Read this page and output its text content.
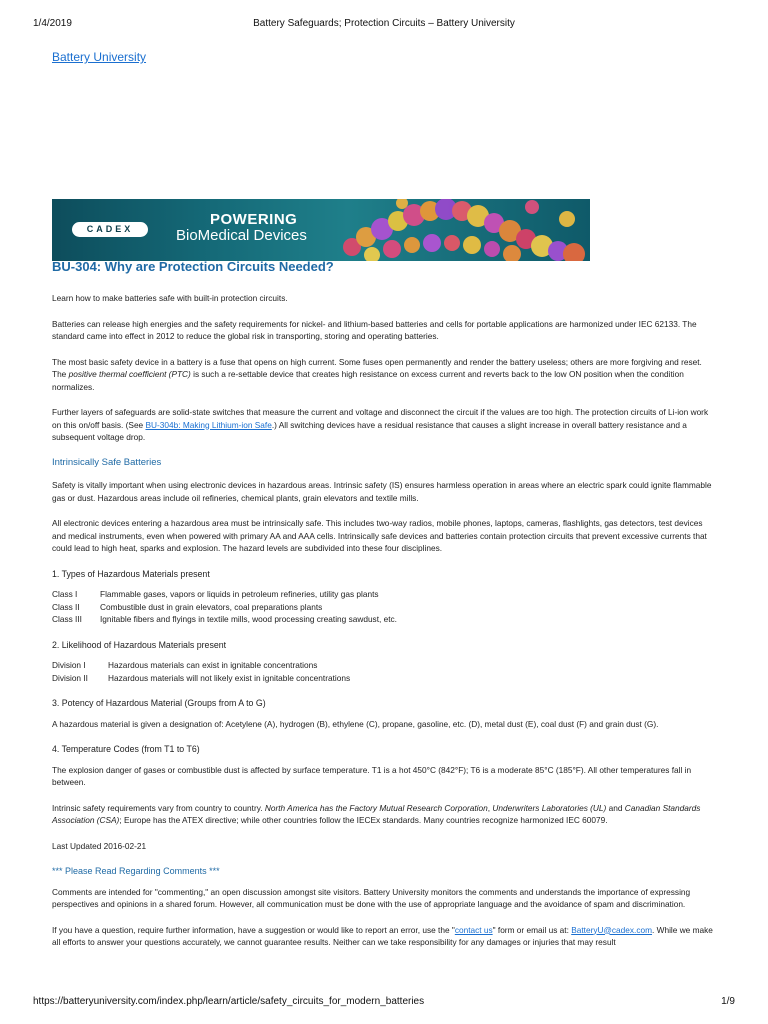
1/4/2019	Battery Safeguards; Protection Circuits – Battery University
Battery University
CADEX
POWERING
BioMedical Devices
BU-304: Why are Protection Circuits Needed?

Learn how to make batteries safe with built-in protection circuits.

Batteries can release high energies and the safety requirements for nickel- and lithium-based batteries and cells for portable applications are harmonized under IEC 62133. The standard came into effect in 2012 to reduce the global risk in transporting, storing and operating batteries.

The most basic safety device in a battery is a fuse that opens on high current. Some fuses open permanently and render the battery useless; others are more forgiving and reset. The positive thermal coefficient (PTC) is such a re-settable device that creates high resistance on excess current and reverts back to the low ON position when the condition normalizes.

Further layers of safeguards are solid-state switches that measure the current and voltage and disconnect the circuit if the values are too high. The protection circuits of Li-ion work on this on/off basis. (See BU-304b: Making Lithium-ion Safe.) All switching devices have a residual resistance that causes a slight increase in overall battery resistance and a subsequent voltage drop.

Intrinsically Safe Batteries

Safety is vitally important when using electronic devices in hazardous areas. Intrinsic safety (IS) ensures harmless operation in areas where an electric spark could ignite flammable gas or dust. Hazardous areas include oil refineries, chemical plants, grain elevators and textile mills.

All electronic devices entering a hazardous area must be intrinsically safe. This includes two-way radios, mobile phones, laptops, cameras, flashlights, gas detectors, test devices and medical instruments, even when powered with primary AA and AAA cells. Intrinsically safe devices and batteries contain protection circuits that prevent excessive currents that could lead to high heat, sparks and explosion. The hazard levels are subdivided into these four disciplines.

1. Types of Hazardous Materials present
Class I	Flammable gases, vapors or liquids in petroleum refineries, utility gas plants
Class II	Combustible dust in grain elevators, coal preparations plants
Class III	Ignitable fibers and flyings in textile mills, wood processing creating sawdust, etc.
2. Likelihood of Hazardous Materials present
Division I	Hazardous materials can exist in ignitable concentrations
Division II	Hazardous materials will not likely exist in ignitable concentrations
3. Potency of Hazardous Material (Groups from A to G)

A hazardous material is given a designation of: Acetylene (A), hydrogen (B), ethylene (C), propane, gasoline, etc. (D), metal dust (E), coal dust (F) and grain dust (G).

4. Temperature Codes (from T1 to T6)

The explosion danger of gases or combustible dust is affected by surface temperature. T1 is a hot 450°C (842°F); T6 is a moderate 85°C (185°F). All other temperatures fall in between.

Intrinsic safety requirements vary from country to country. North America has the Factory Mutual Research Corporation, Underwriters Laboratories (UL) and Canadian Standards Association (CSA); Europe has the ATEX directive; while other countries follow the IECEx standards. Many countries recognize harmonized IEC 60079.

Last Updated 2016-02-21

*** Please Read Regarding Comments ***

Comments are intended for "commenting," an open discussion amongst site visitors. Battery University monitors the comments and understands the importance of expressing perspectives and opinions in a shared forum. However, all communication must be done with the use of appropriate language and the avoidance of spam and discrimination.

If you have a question, require further information, have a suggestion or would like to report an error, use the "contact us" form or email us at: BatteryU@cadex.com. While we make all efforts to answer your questions accurately, we cannot guarantee results. Neither can we take responsibility for any damages or injuries that may result

https://batteryuniversity.com/index.php/learn/article/safety_circuits_for_modern_batteries	1/9
